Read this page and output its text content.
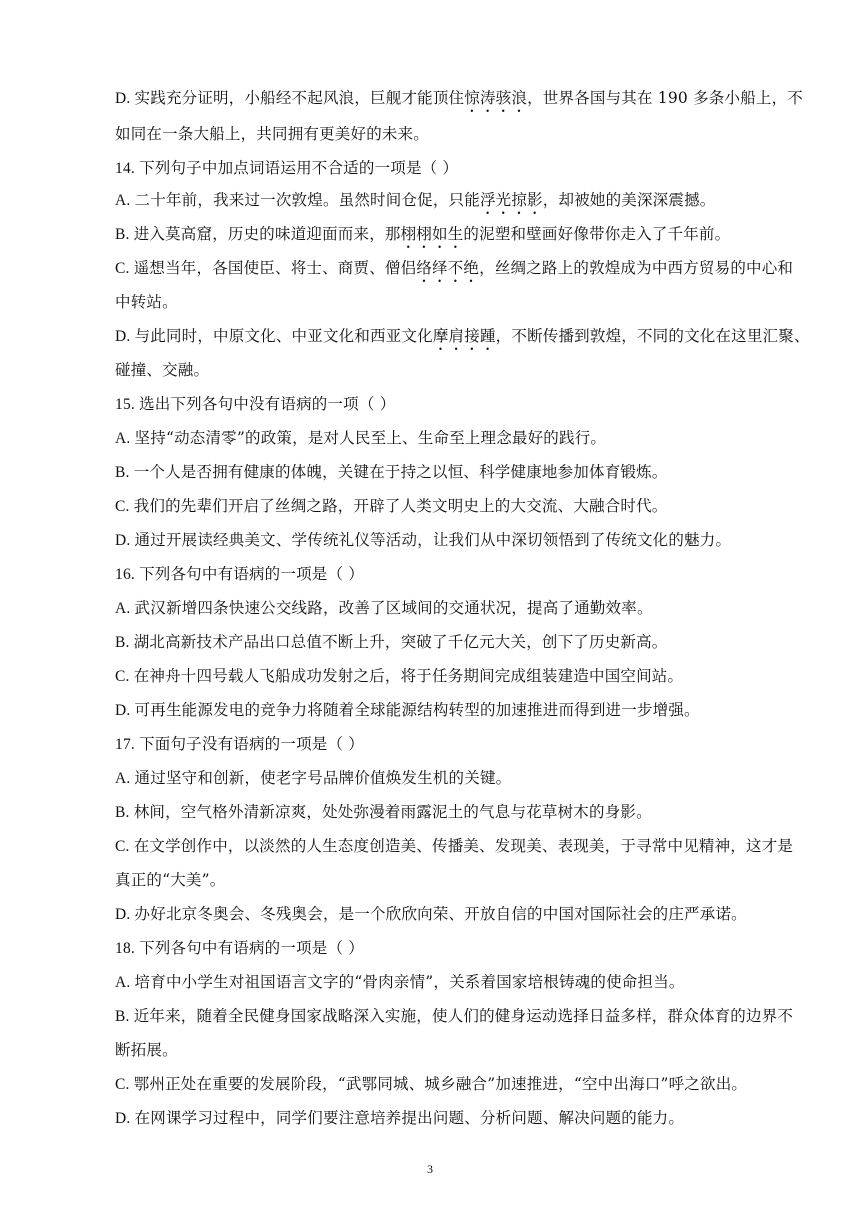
D. 实践充分证明，小船经不起风浪，巨舰才能顶住惊涛骇浪，世界各国与其在 190 多条小船上，不
如同在一条大船上，共同拥有更美好的未来。
14. 下列句子中加点词语运用不合适的一项是（ ）
A. 二十年前，我来过一次敦煌。虽然时间仓促，只能浮光掠影，却被她的美深深震撼。
B. 进入莫高窟，历史的味道迎面而来，那栩栩如生的泥塑和壁画好像带你走入了千年前。
C. 遥想当年，各国使臣、将士、商贾、僧侣络绎不绝，丝绸之路上的敦煌成为中西方贸易的中心和
中转站。
D. 与此同时，中原文化、中亚文化和西亚文化摩肩接踵，不断传播到敦煌，不同的文化在这里汇聚、
碰撞、交融。
15. 选出下列各句中没有语病的一项（ ）
A. 坚持“动态清零”的政策，是对人民至上、生命至上理念最好的践行。
B. 一个人是否拥有健康的体魄，关键在于持之以恒、科学健康地参加体育锻炼。
C. 我们的先辈们开启了丝绸之路，开辟了人类文明史上的大交流、大融合时代。
D. 通过开展读经典美文、学传统礼仪等活动，让我们从中深切领悟到了传统文化的魅力。
16. 下列各句中有语病的一项是（ ）
A. 武汉新增四条快速公交线路，改善了区域间的交通状况，提高了通勤效率。
B. 湖北高新技术产品出口总值不断上升，突破了千亿元大关，创下了历史新高。
C. 在神舟十四号载人飞船成功发射之后，将于任务期间完成组装建造中国空间站。
D. 可再生能源发电的竞争力将随着全球能源结构转型的加速推进而得到进一步增强。
17. 下面句子没有语病的一项是（ ）
A. 通过坚守和创新，使老字号品牌价值焕发生机的关键。
B. 林间，空气格外清新凉爽，处处弥漫着雨露泥土的气息与花草树木的身影。
C. 在文学创作中，以淡然的人生态度创造美、传播美、发现美、表现美，于寻常中见精神，这才是
真正的“大美”。
D. 办好北京冬奥会、冬残奥会，是一个欣欣向荣、开放自信的中国对国际社会的庄严承诺。
18. 下列各句中有语病的一项是（ ）
A. 培育中小学生对祖国语言文字的“骨肉亲情”，关系着国家培根铸魂的使命担当。
B. 近年来，随着全民健身国家战略深入实施，使人们的健身运动选择日益多样，群众体育的边界不
断拓展。
C. 鄂州正处在重要的发展阶段，“武鄂同城、城乡融合”加速推进，“空中出海口”呼之欲出。
D. 在网课学习过程中，同学们要注意培养提出问题、分析问题、解决问题的能力。
3
